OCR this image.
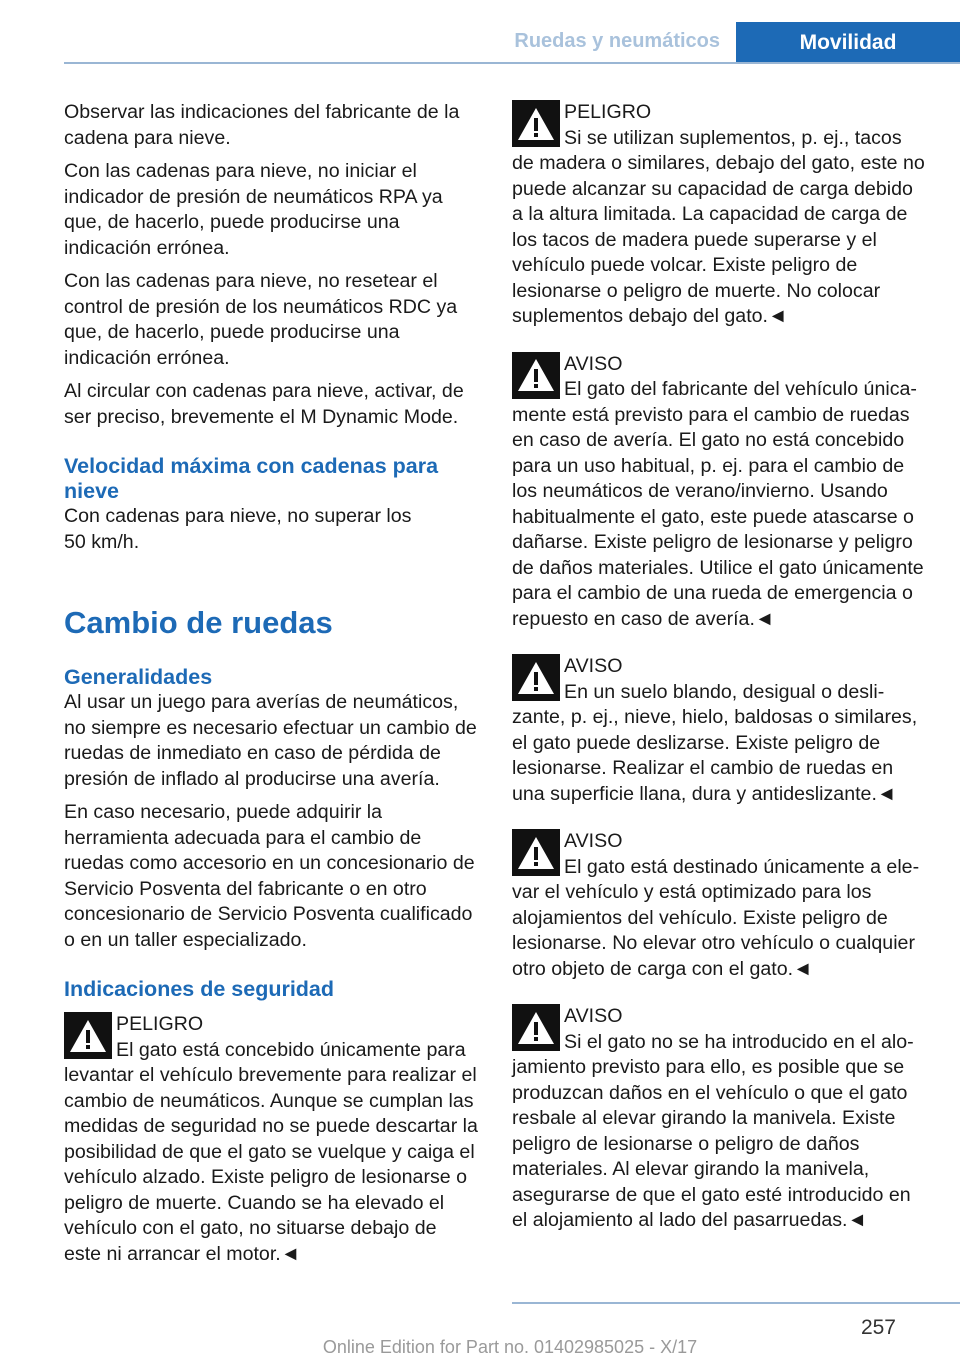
Ruedas y neumáticos	Movilidad

Observar las indicaciones del fabricante de la cadena para nieve.

Con las cadenas para nieve, no iniciar el indicador de presión de neumáticos RPA ya que, de hacerlo, puede producirse una indicación errónea.

Con las cadenas para nieve, no resetear el control de presión de los neumáticos RDC ya que, de hacerlo, puede producirse una indicación errónea.

Al circular con cadenas para nieve, activar, de ser preciso, brevemente el M Dynamic Mode.

Velocidad máxima con cadenas para nieve

Con cadenas para nieve, no superar los 50 km/h.

Cambio de ruedas
Generalidades

Al usar un juego para averías de neumáticos, no siempre es necesario efectuar un cambio de ruedas de inmediato en caso de pérdida de presión de inflado al producirse una avería.

En caso necesario, puede adquirir la herramienta adecuada para el cambio de ruedas como accesorio en un concesionario de Servicio Posventa del fabricante o en otro concesionario de Servicio Posventa cualificado o en un taller especializado.

Indicaciones de seguridad

PELIGRO

El gato está concebido únicamente para

levantar el vehículo brevemente para realizar el cambio de neumáticos. Aunque se cumplan las medidas de seguridad no se puede descartar la posibilidad de que el gato se vuelque y caiga el vehículo alzado. Existe peligro de lesionarse o peligro de muerte. Cuando se ha elevado el vehículo con el gato, no situarse debajo de este ni arrancar el motor.◄

PELIGRO

Si se utilizan suplementos, p. ej., tacos

de madera o similares, debajo del gato, este no puede alcanzar su capacidad de carga debido a la altura limitada. La capacidad de carga de los tacos de madera puede superarse y el vehículo puede volcar. Existe peligro de lesionarse o peligro de muerte. No colocar suplementos debajo del gato.◄

AVISO

El gato del fabricante del vehículo única-

mente está previsto para el cambio de ruedas en caso de avería. El gato no está concebido para un uso habitual, p. ej. para el cambio de los neumáticos de verano/invierno. Usando habitualmente el gato, este puede atascarse o dañarse. Existe peligro de lesionarse y peligro de daños materiales. Utilice el gato únicamente para el cambio de una rueda de emergencia o repuesto en caso de avería.◄

AVISO

En un suelo blando, desigual o desli-

zante, p. ej., nieve, hielo, baldosas o similares, el gato puede deslizarse. Existe peligro de lesionarse. Realizar el cambio de ruedas en una superficie llana, dura y antideslizante.◄

AVISO

El gato está destinado únicamente a ele-

var el vehículo y está optimizado para los alojamientos del vehículo. Existe peligro de lesionarse. No elevar otro vehículo o cualquier otro objeto de carga con el gato.◄

AVISO

Si el gato no se ha introducido en el alo-

jamiento previsto para ello, es posible que se produzcan daños en el vehículo o que el gato resbale al elevar girando la manivela. Existe peligro de lesionarse o peligro de daños materiales. Al elevar girando la manivela, asegurarse de que el gato esté introducido en el alojamiento al lado del pasarruedas.◄

257
Online Edition for Part no. 01402985025 - X/17
